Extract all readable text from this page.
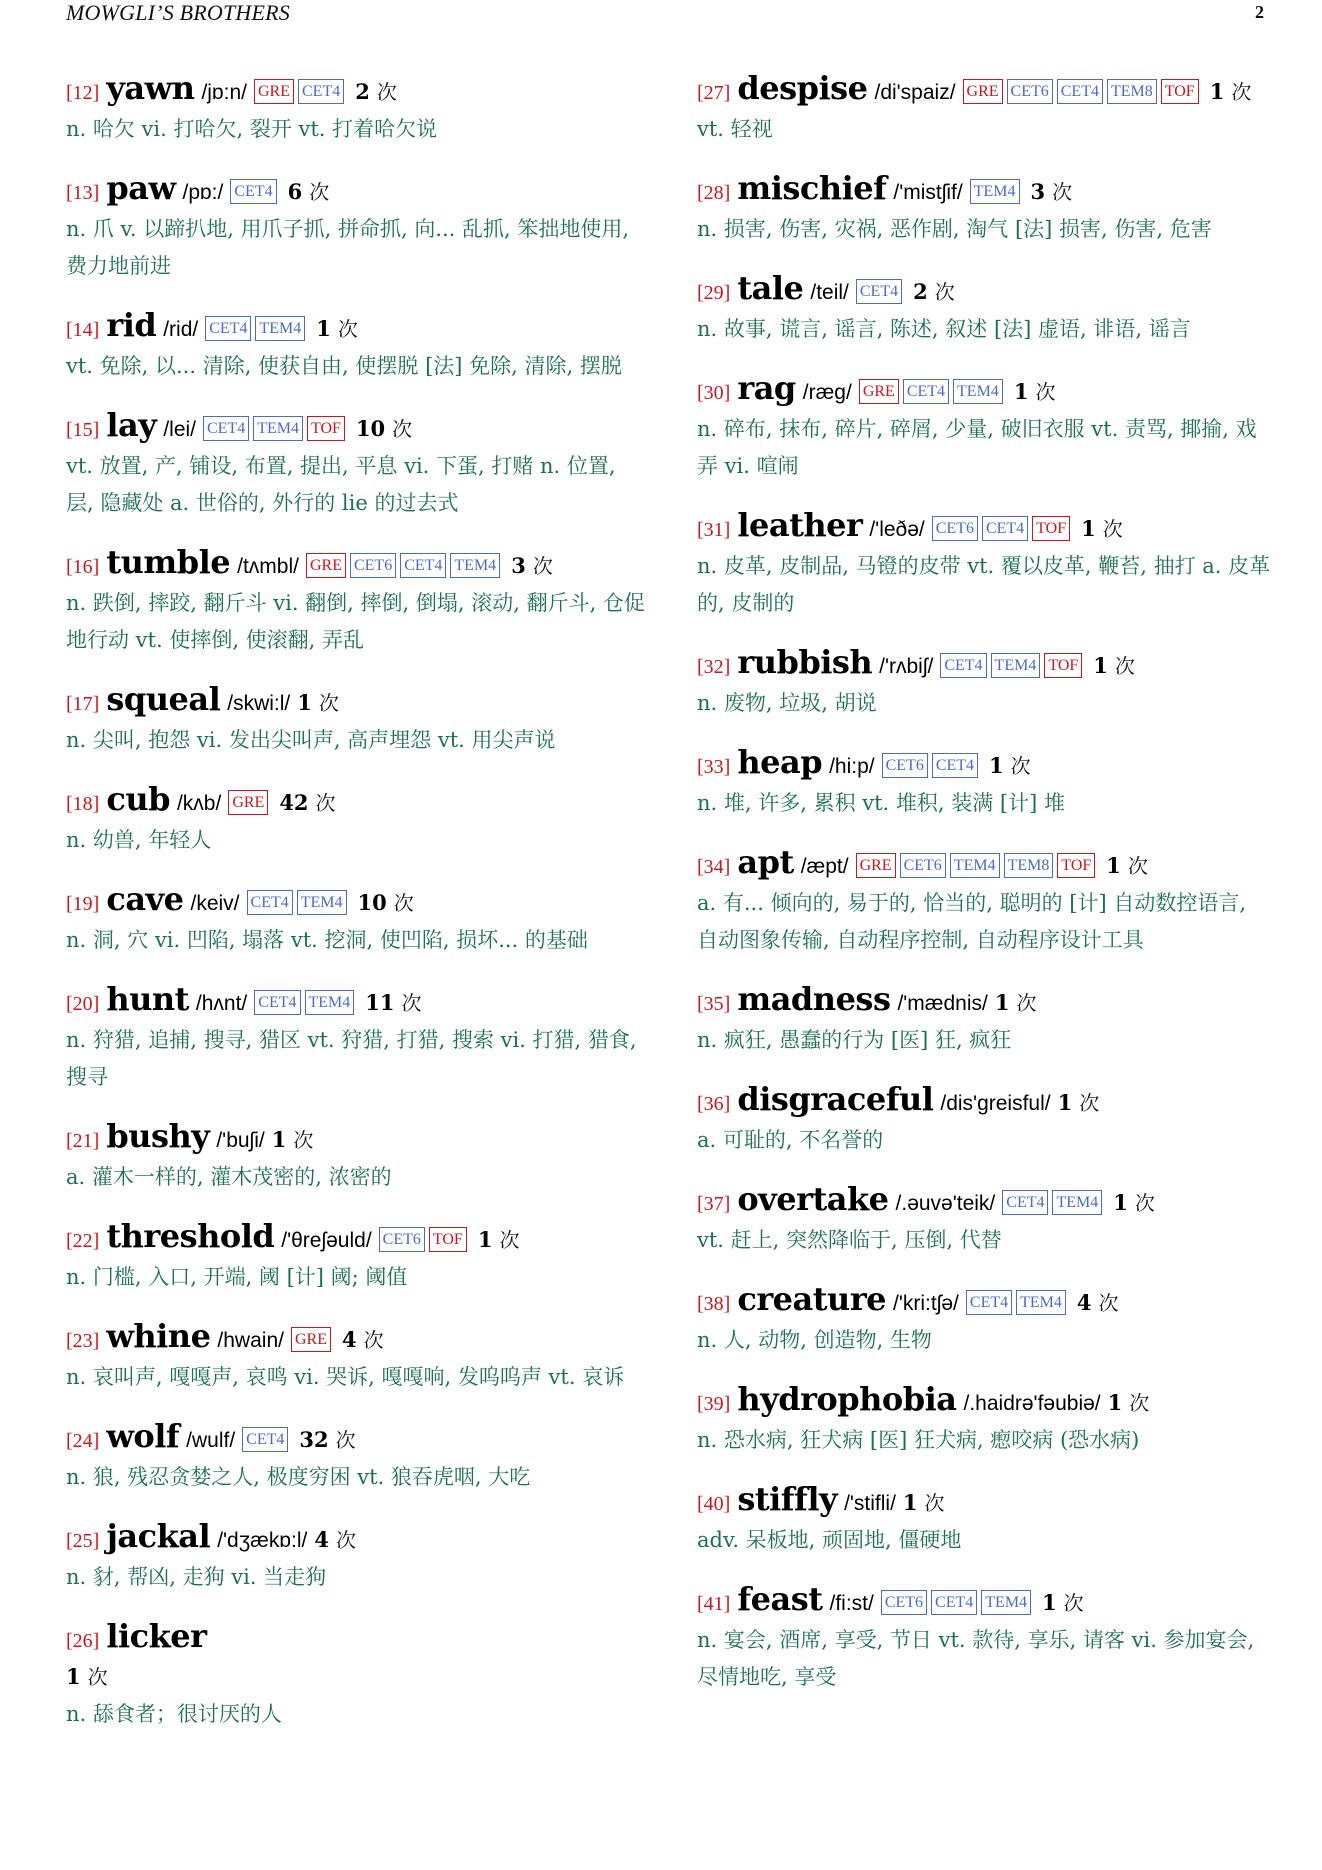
MOWGLI’S BROTHERS	2
[12] yawn /jɒ:n/ GRE CET4 2 次
n. 哈欠 vi. 打哈欠, 裂开 vt. 打着哈欠说
[13] paw /pɒ:/ CET4 6 次
n. 爪 v. 以蹄扒地, 用爪子抓, 拼命抓, 向... 乱抓, 笨拙地使用, 费力地前进
[14] rid /rid/ CET4 TEM4 1 次
vt. 免除, 以... 清除, 使获自由, 使摆脱 [法] 免除, 清除, 摆脱
[15] lay /lei/ CET4 TEM4 TOF 10 次
vt. 放置, 产, 铺设, 布置, 提出, 平息 vi. 下蛋, 打赌 n. 位置, 层, 隐藏处 a. 世俗的, 外行的 lie 的过去式
[16] tumble /tʌmbl/ GRE CET6 CET4 TEM4 3 次
n. 跌倒, 摔跤, 翻斤斗 vi. 翻倒, 摔倒, 倒塌, 滚动, 翻斤斗, 仓促地行动 vt. 使摔倒, 使滚翻, 弄乱
[17] squeal /skwi:l/ 1 次
n. 尖叫, 抱怨 vi. 发出尖叫声, 高声埋怨 vt. 用尖声说
[18] cub /kʌb/ GRE 42 次
n. 幼兽, 年轻人
[19] cave /keiv/ CET4 TEM4 10 次
n. 洞, 穴 vi. 凹陷, 塌落 vt. 挖洞, 使凹陷, 损坏... 的基础
[20] hunt /hʌnt/ CET4 TEM4 11 次
n. 狩猎, 追捕, 搜寻, 猎区 vt. 狩猎, 打猎, 搜索 vi. 打猎, 猎食, 搜寻
[21] bushy /'buʃi/ 1 次
a. 灌木一样的, 灌木茂密的, 浓密的
[22] threshold /'θreʃəuld/ CET6 TOF 1 次
n. 门槛, 入口, 开端, 阈 [计] 阈; 阈值
[23] whine /hwain/ GRE 4 次
n. 哀叫声, 嘎嘎声, 哀鸣 vi. 哭诉, 嘎嘎响, 发呜呜声 vt. 哀诉
[24] wolf /wulf/ CET4 32 次
n. 狼, 残忍贪婪之人, 极度穷困 vt. 狼吞虎咽, 大吃
[25] jackal /'dʒækɒ:l/ 4 次
n. 豺, 帮凶, 走狗 vi. 当走狗
[26] licker
1 次
n. 舔食者；很讨厌的人
[27] despise /di'spaiz/ GRE CET6 CET4 TEM8 TOF 1 次
vt. 轻视
[28] mischief /'mistʃif/ TEM4 3 次
n. 损害, 伤害, 灾祸, 恶作剧, 淘气 [法] 损害, 伤害, 危害
[29] tale /teil/ CET4 2 次
n. 故事, 谎言, 谣言, 陈述, 叙述 [法] 虚语, 诽语, 谣言
[30] rag /ræg/ GRE CET4 TEM4 1 次
n. 碎布, 抹布, 碎片, 碎屑, 少量, 破旧衣服 vt. 责骂, 揶揄, 戏弄 vi. 喧闹
[31] leather /'leðə/ CET6 CET4 TOF 1 次
n. 皮革, 皮制品, 马镫的皮带 vt. 覆以皮革, 鞭苔, 抽打 a. 皮革的, 皮制的
[32] rubbish /'rʌbiʃ/ CET4 TEM4 TOF 1 次
n. 废物, 垃圾, 胡说
[33] heap /hi:p/ CET6 CET4 1 次
n. 堆, 许多, 累积 vt. 堆积, 装满 [计] 堆
[34] apt /æpt/ GRE CET6 TEM4 TEM8 TOF 1 次
a. 有... 倾向的, 易于的, 恰当的, 聪明的 [计] 自动数控语言, 自动图象传输, 自动程序控制, 自动程序设计工具
[35] madness /'mædnis/ 1 次
n. 疯狂, 愚蠢的行为 [医] 狂, 疯狂
[36] disgraceful /dis'greisful/ 1 次
a. 可耻的, 不名誉的
[37] overtake /.əuvə'teik/ CET4 TEM4 1 次
vt. 赶上, 突然降临于, 压倒, 代替
[38] creature /'kri:tʃə/ CET4 TEM4 4 次
n. 人, 动物, 创造物, 生物
[39] hydrophobia /.haidrə'fəubiə/ 1 次
n. 恐水病, 狂犬病 [医] 狂犬病, 瘛咬病 (恐水病)
[40] stiffly /'stifli/ 1 次
adv. 呆板地, 顽固地, 僵硬地
[41] feast /fi:st/ CET6 CET4 TEM4 1 次
n. 宴会, 酒席, 享受, 节日 vt. 款待, 享乐, 请客 vi. 参加宴会, 尽情地吃, 享受
